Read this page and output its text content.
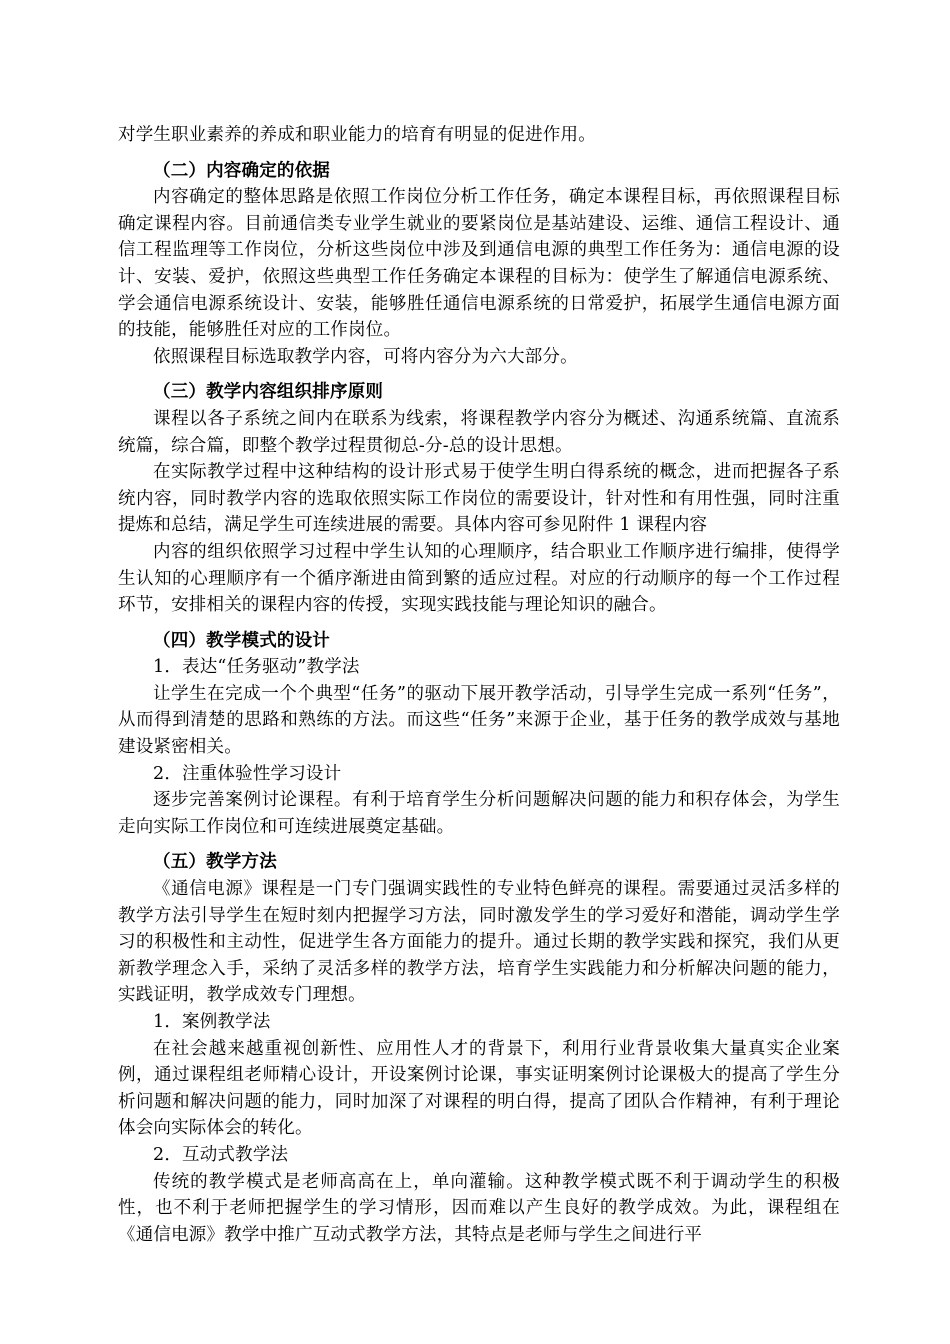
对学生职业素养的养成和职业能力的培育有明显的促进作用。

（二）内容确定的依据

内容确定的整体思路是依照工作岗位分析工作任务，确定本课程目标，再依照课程目标确定课程内容。目前通信类专业学生就业的要紧岗位是基站建设、运维、通信工程设计、通信工程监理等工作岗位，分析这些岗位中涉及到通信电源的典型工作任务为：通信电源的设计、安装、爱护，依照这些典型工作任务确定本课程的目标为：使学生了解通信电源系统、学会通信电源系统设计、安装，能够胜任通信电源系统的日常爱护，拓展学生通信电源方面的技能，能够胜任对应的工作岗位。

依照课程目标选取教学内容，可将内容分为六大部分。

（三）教学内容组织排序原则

课程以各子系统之间内在联系为线索，将课程教学内容分为概述、沟通系统篇、直流系统篇，综合篇，即整个教学过程贯彻总-分-总的设计思想。

在实际教学过程中这种结构的设计形式易于使学生明白得系统的概念，进而把握各子系统内容，同时教学内容的选取依照实际工作岗位的需要设计，针对性和有用性强，同时注重提炼和总结，满足学生可连续进展的需要。具体内容可参见附件 1 课程内容

内容的组织依照学习过程中学生认知的心理顺序，结合职业工作顺序进行编排，使得学生认知的心理顺序有一个循序渐进由简到繁的适应过程。对应的行动顺序的每一个工作过程环节，安排相关的课程内容的传授，实现实践技能与理论知识的融合。

（四）教学模式的设计

1．表达“任务驱动”教学法

让学生在完成一个个典型“任务”的驱动下展开教学活动，引导学生完成一系列“任务”，从而得到清楚的思路和熟练的方法。而这些“任务”来源于企业，基于任务的教学成效与基地建设紧密相关。

2．注重体验性学习设计

逐步完善案例讨论课程。有利于培育学生分析问题解决问题的能力和积存体会，为学生走向实际工作岗位和可连续进展奠定基础。

（五）教学方法

《通信电源》课程是一门专门强调实践性的专业特色鲜亮的课程。需要通过灵活多样的教学方法引导学生在短时刻内把握学习方法，同时激发学生的学习爱好和潜能，调动学生学习的积极性和主动性，促进学生各方面能力的提升。通过长期的教学实践和探究，我们从更新教学理念入手，采纳了灵活多样的教学方法，培育学生实践能力和分析解决问题的能力，实践证明，教学成效专门理想。

1．案例教学法

在社会越来越重视创新性、应用性人才的背景下，利用行业背景收集大量真实企业案例，通过课程组老师精心设计，开设案例讨论课，事实证明案例讨论课极大的提高了学生分析问题和解决问题的能力，同时加深了对课程的明白得，提高了团队合作精神，有利于理论体会向实际体会的转化。

2．互动式教学法

传统的教学模式是老师高高在上，单向灌输。这种教学模式既不利于调动学生的积极性，也不利于老师把握学生的学习情形，因而难以产生良好的教学成效。为此，课程组在《通信电源》教学中推广互动式教学方法，其特点是老师与学生之间进行平
